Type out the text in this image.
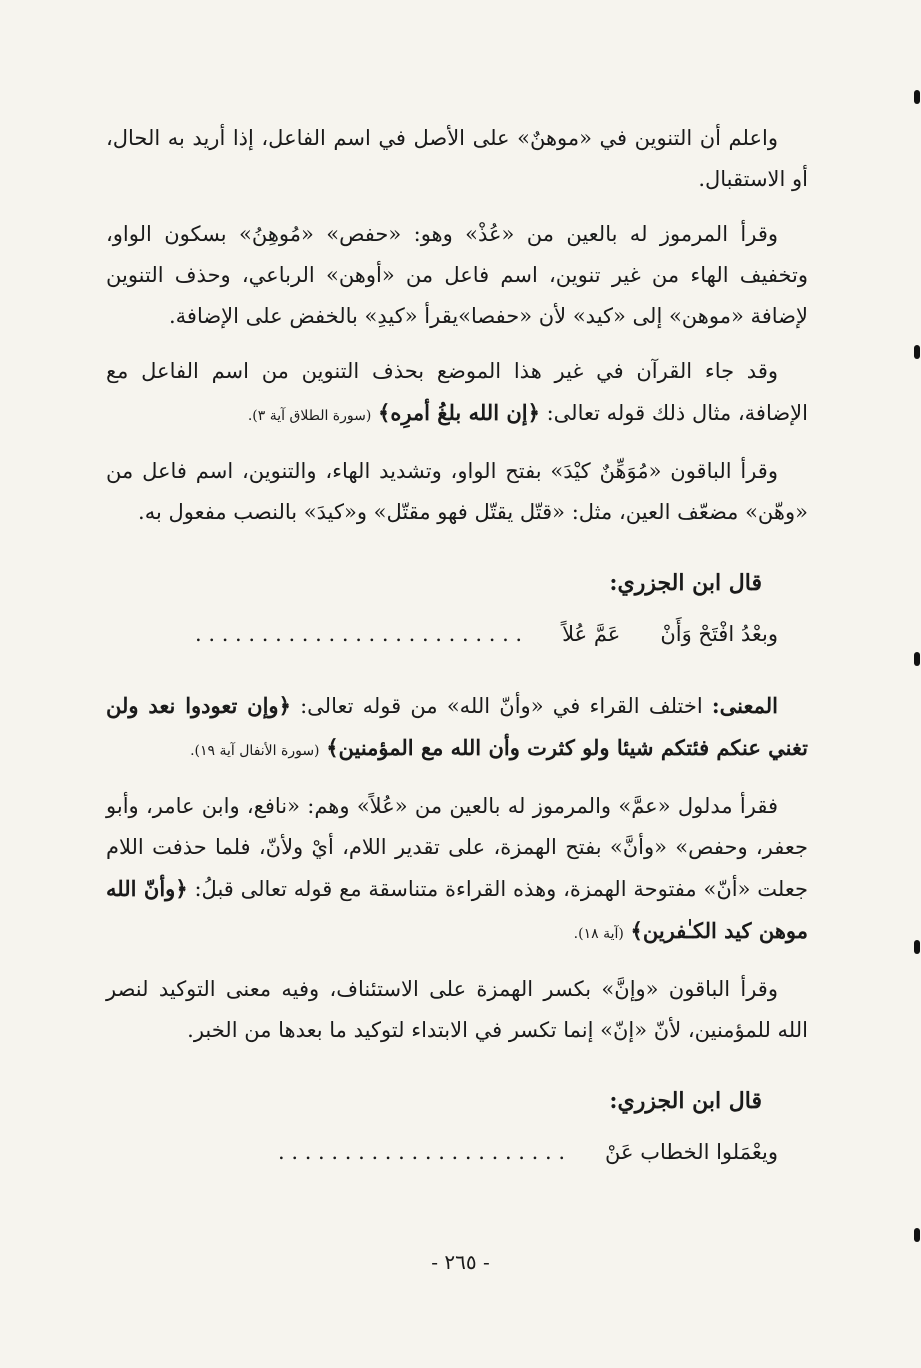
واعلم أن التنوين في «موهنٌ» على الأصل في اسم الفاعل، إذا أريد به الحال، أو الاستقبال.

وقرأ المرموز له بالعين من «عُذْ» وهو: «حفص» «مُوهِنُ» بسكون الواو، وتخفيف الهاء من غير تنوين، اسم فاعل من «أوهن» الرباعي، وحذف التنوين لإضافة «موهن» إلى «كيد» لأن «حفصا»يقرأ «كيدِ» بالخفض على الإضافة.

وقد جاء القرآن في غير هذا الموضع بحذف التنوين من اسم الفاعل مع الإضافة، مثال ذلك قوله تعالى: ﴿إن الله بلغُ أمرِه﴾ (سورة الطلاق آية ٣).

وقرأ الباقون «مُوَهِّنٌ كيْدَ» بفتح الواو، وتشديد الهاء، والتنوين، اسم فاعل من «وهّن» مضعّف العين، مثل: «قتّل يقتّل فهو مقتّل» و«كيدَ» بالنصب مفعول به.

قال ابن الجزري:
وبعْدُ افْتَحْ وَأَنْ
عَمَّ عُلاً
. . . . . . . . . . . . . . . . . . . . . . . . .

المعنى: اختلف القراء في «وأنّ الله» من قوله تعالى: ﴿وإن تعودوا نعد ولن تغني عنكم فئتكم شيئا ولو كثرت وأن الله مع المؤمنين﴾ (سورة الأنفال آية ١٩).

فقرأ مدلول «عمَّ» والمرموز له بالعين من «عُلاً» وهم: «نافع، وابن عامر، وأبو جعفر، وحفص» «وأنَّ» بفتح الهمزة، على تقدير اللام، أيْ ولأنّ، فلما حذفت اللام جعلت «أنّ» مفتوحة الهمزة، وهذه القراءة متناسقة مع قوله تعالى قبلُ: ﴿وأنّ الله موهن كيد الكـٰفرين﴾ (آية ١٨).

وقرأ الباقون «وإنَّ» بكسر الهمزة على الاستئناف، وفيه معنى التوكيد لنصر الله للمؤمنين، لأنّ «إنّ» إنما تكسر في الابتداء لتوكيد ما بعدها من الخبر.

قال ابن الجزري:
ويعْمَلوا الخطاب عَنْ
. . . . . . . . . . . . . . . . . . . . . .
- ٢٦٥ -
